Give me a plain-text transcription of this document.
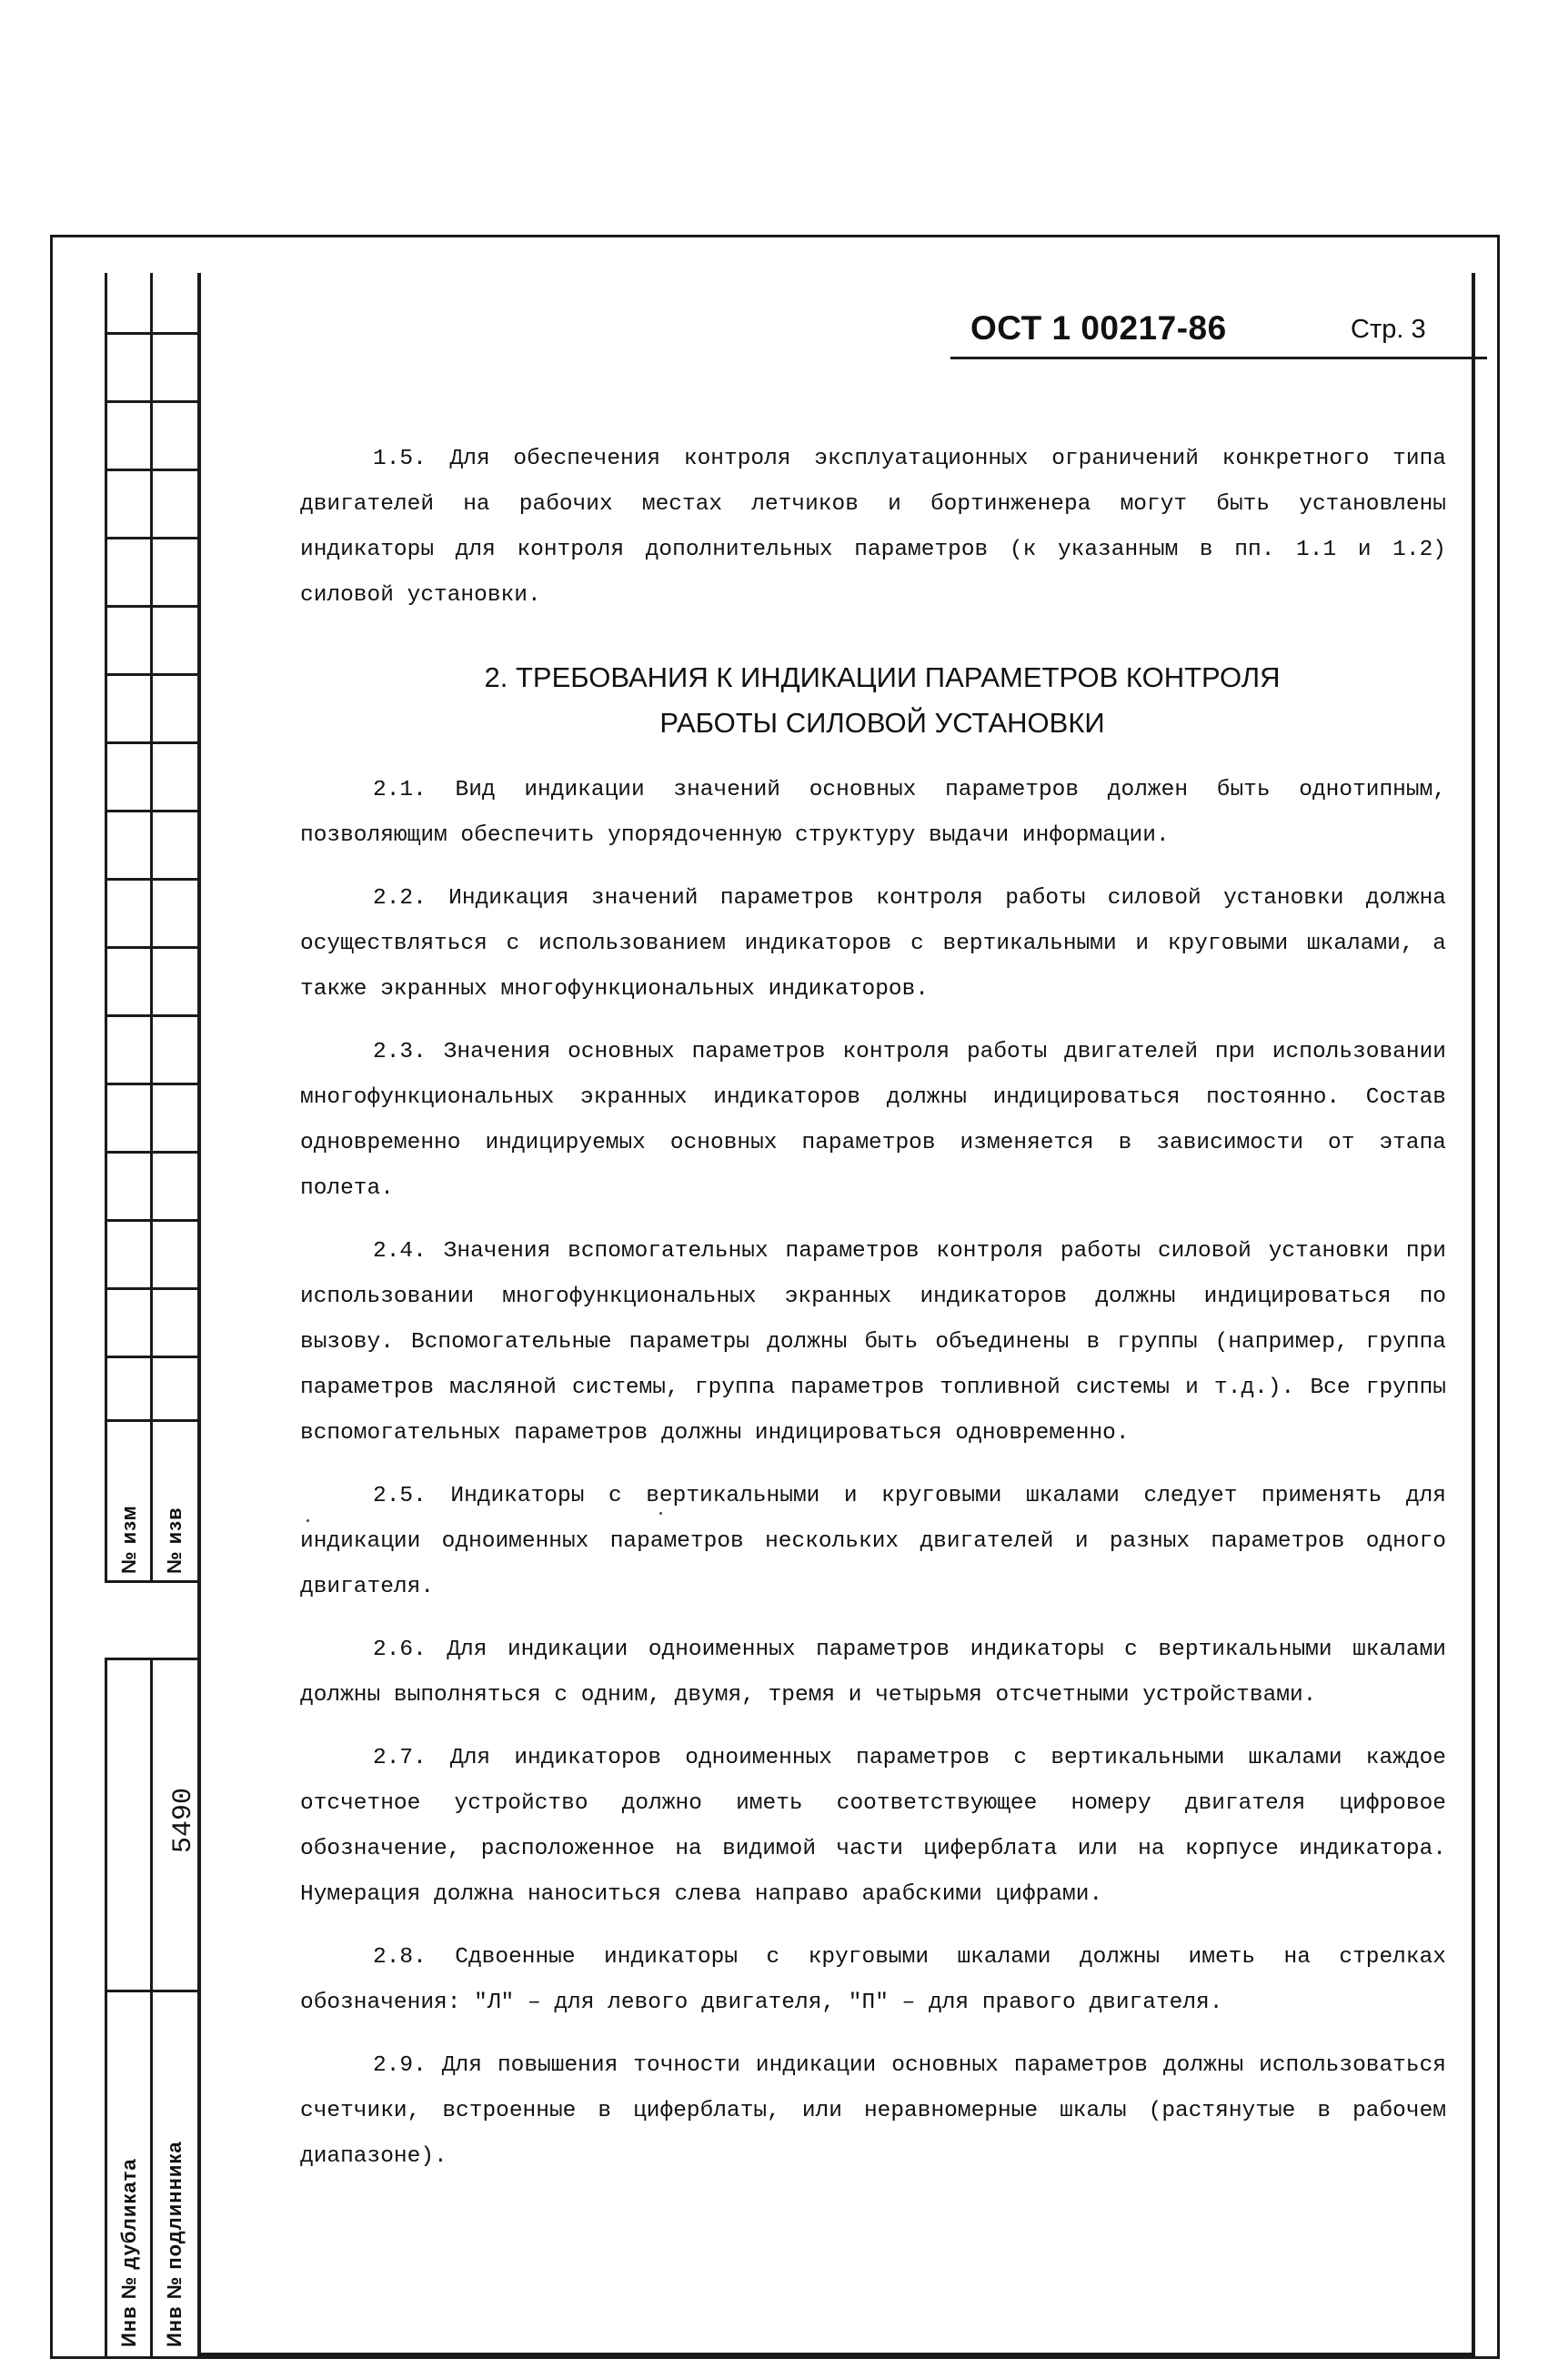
№ изм № изв
5490
Инв № дубликата Инв № подлинника
ОСТ 1 00217-86	Стр. 3

1.5. Для обеспечения контроля эксплуатационных ограничений конкретного типа двигателей на рабочих местах летчиков и бортинженера могут быть установлены индикаторы для контроля дополнительных параметров (к указанным в пп. 1.1 и 1.2) силовой установки.

2. ТРЕБОВАНИЯ К ИНДИКАЦИИ ПАРАМЕТРОВ КОНТРОЛЯ
РАБОТЫ СИЛОВОЙ УСТАНОВКИ

2.1. Вид индикации значений основных параметров должен быть однотипным, позволяющим обеспечить упорядоченную структуру выдачи информации.

2.2. Индикация значений параметров контроля работы силовой установки должна осуществляться с использованием индикаторов с вертикальными и круговыми шкалами, а также экранных многофункциональных индикаторов.

2.3. Значения основных параметров контроля работы двигателей при использовании многофункциональных экранных индикаторов должны индицироваться постоянно. Состав одновременно индицируемых основных параметров изменяется в зависимости от этапа полета.

2.4. Значения вспомогательных параметров контроля работы силовой установки при использовании многофункциональных экранных индикаторов должны индицироваться по вызову. Вспомогательные параметры должны быть объединены в группы (например, группа параметров масляной системы, группа параметров топливной системы и т.д.). Все группы вспомогательных параметров должны индицироваться одновременно.

2.5. Индикаторы с вертикальными и круговыми шкалами следует применять для индикации одноименных параметров нескольких двигателей и разных параметров одного двигателя.

2.6. Для индикации одноименных параметров индикаторы с вертикальными шкалами должны выполняться с одним, двумя, тремя и четырьмя отсчетными устройствами.

2.7. Для индикаторов одноименных параметров с вертикальными шкалами каждое отсчетное устройство должно иметь соответствующее номеру двигателя цифровое обозначение, расположенное на видимой части циферблата или на корпусе индикатора. Нумерация должна наноситься слева направо арабскими цифрами.

2.8. Сдвоенные индикаторы с круговыми шкалами должны иметь на стрелках обозначения: ″Л″ – для левого двигателя, ″П″ – для правого двигателя.

2.9. Для повышения точности индикации основных параметров должны использоваться счетчики, встроенные в циферблаты, или неравномерные шкалы (растянутые в рабочем диапазоне).
